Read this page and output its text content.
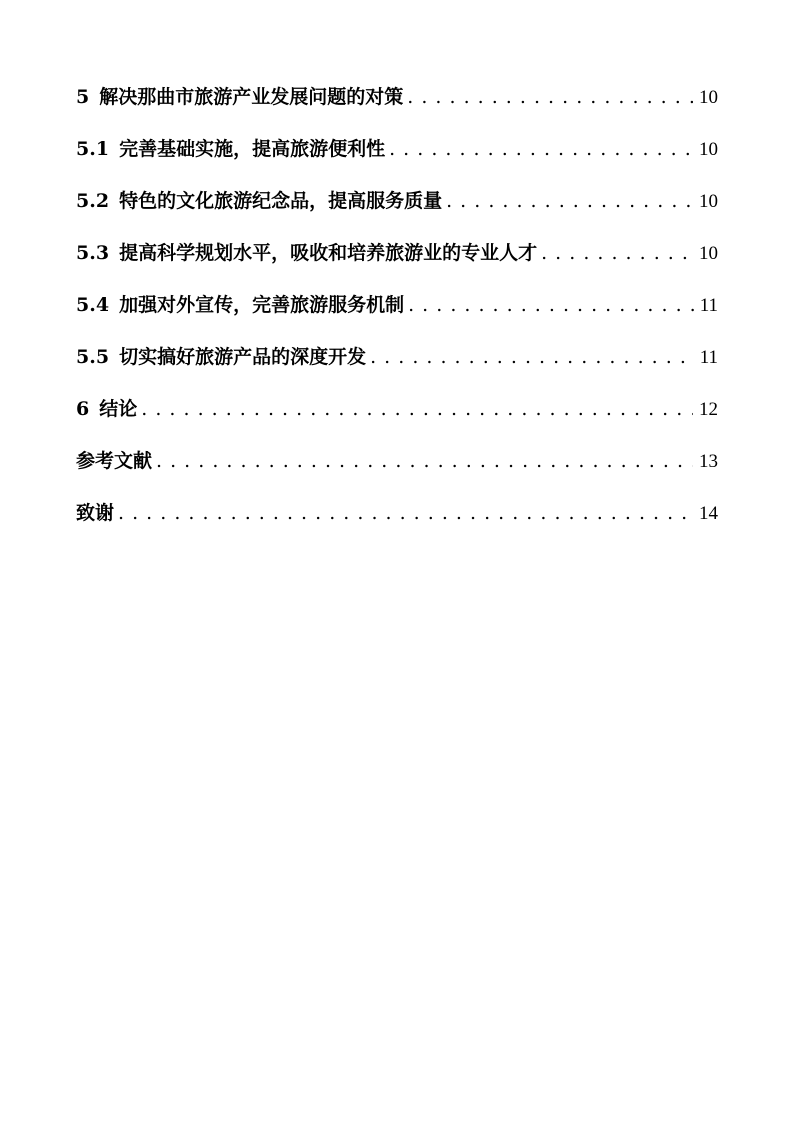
5 解决那曲市旅游产业发展问题的对策 . . .	10
5.1 完善基础实施，提高旅游便利性 . . .	10
5.2 特色的文化旅游纪念品，提高服务质量 . . .	10
5.3 提高科学规划水平，吸收和培养旅游业的专业人才 . . .	10
5.4 加强对外宣传，完善旅游服务机制 . . .	11
5.5 切实搞好旅游产品的深度开发 . . .	11
6 结论 . . .	12
参考文献 . . .	13
致谢 . . .	14
